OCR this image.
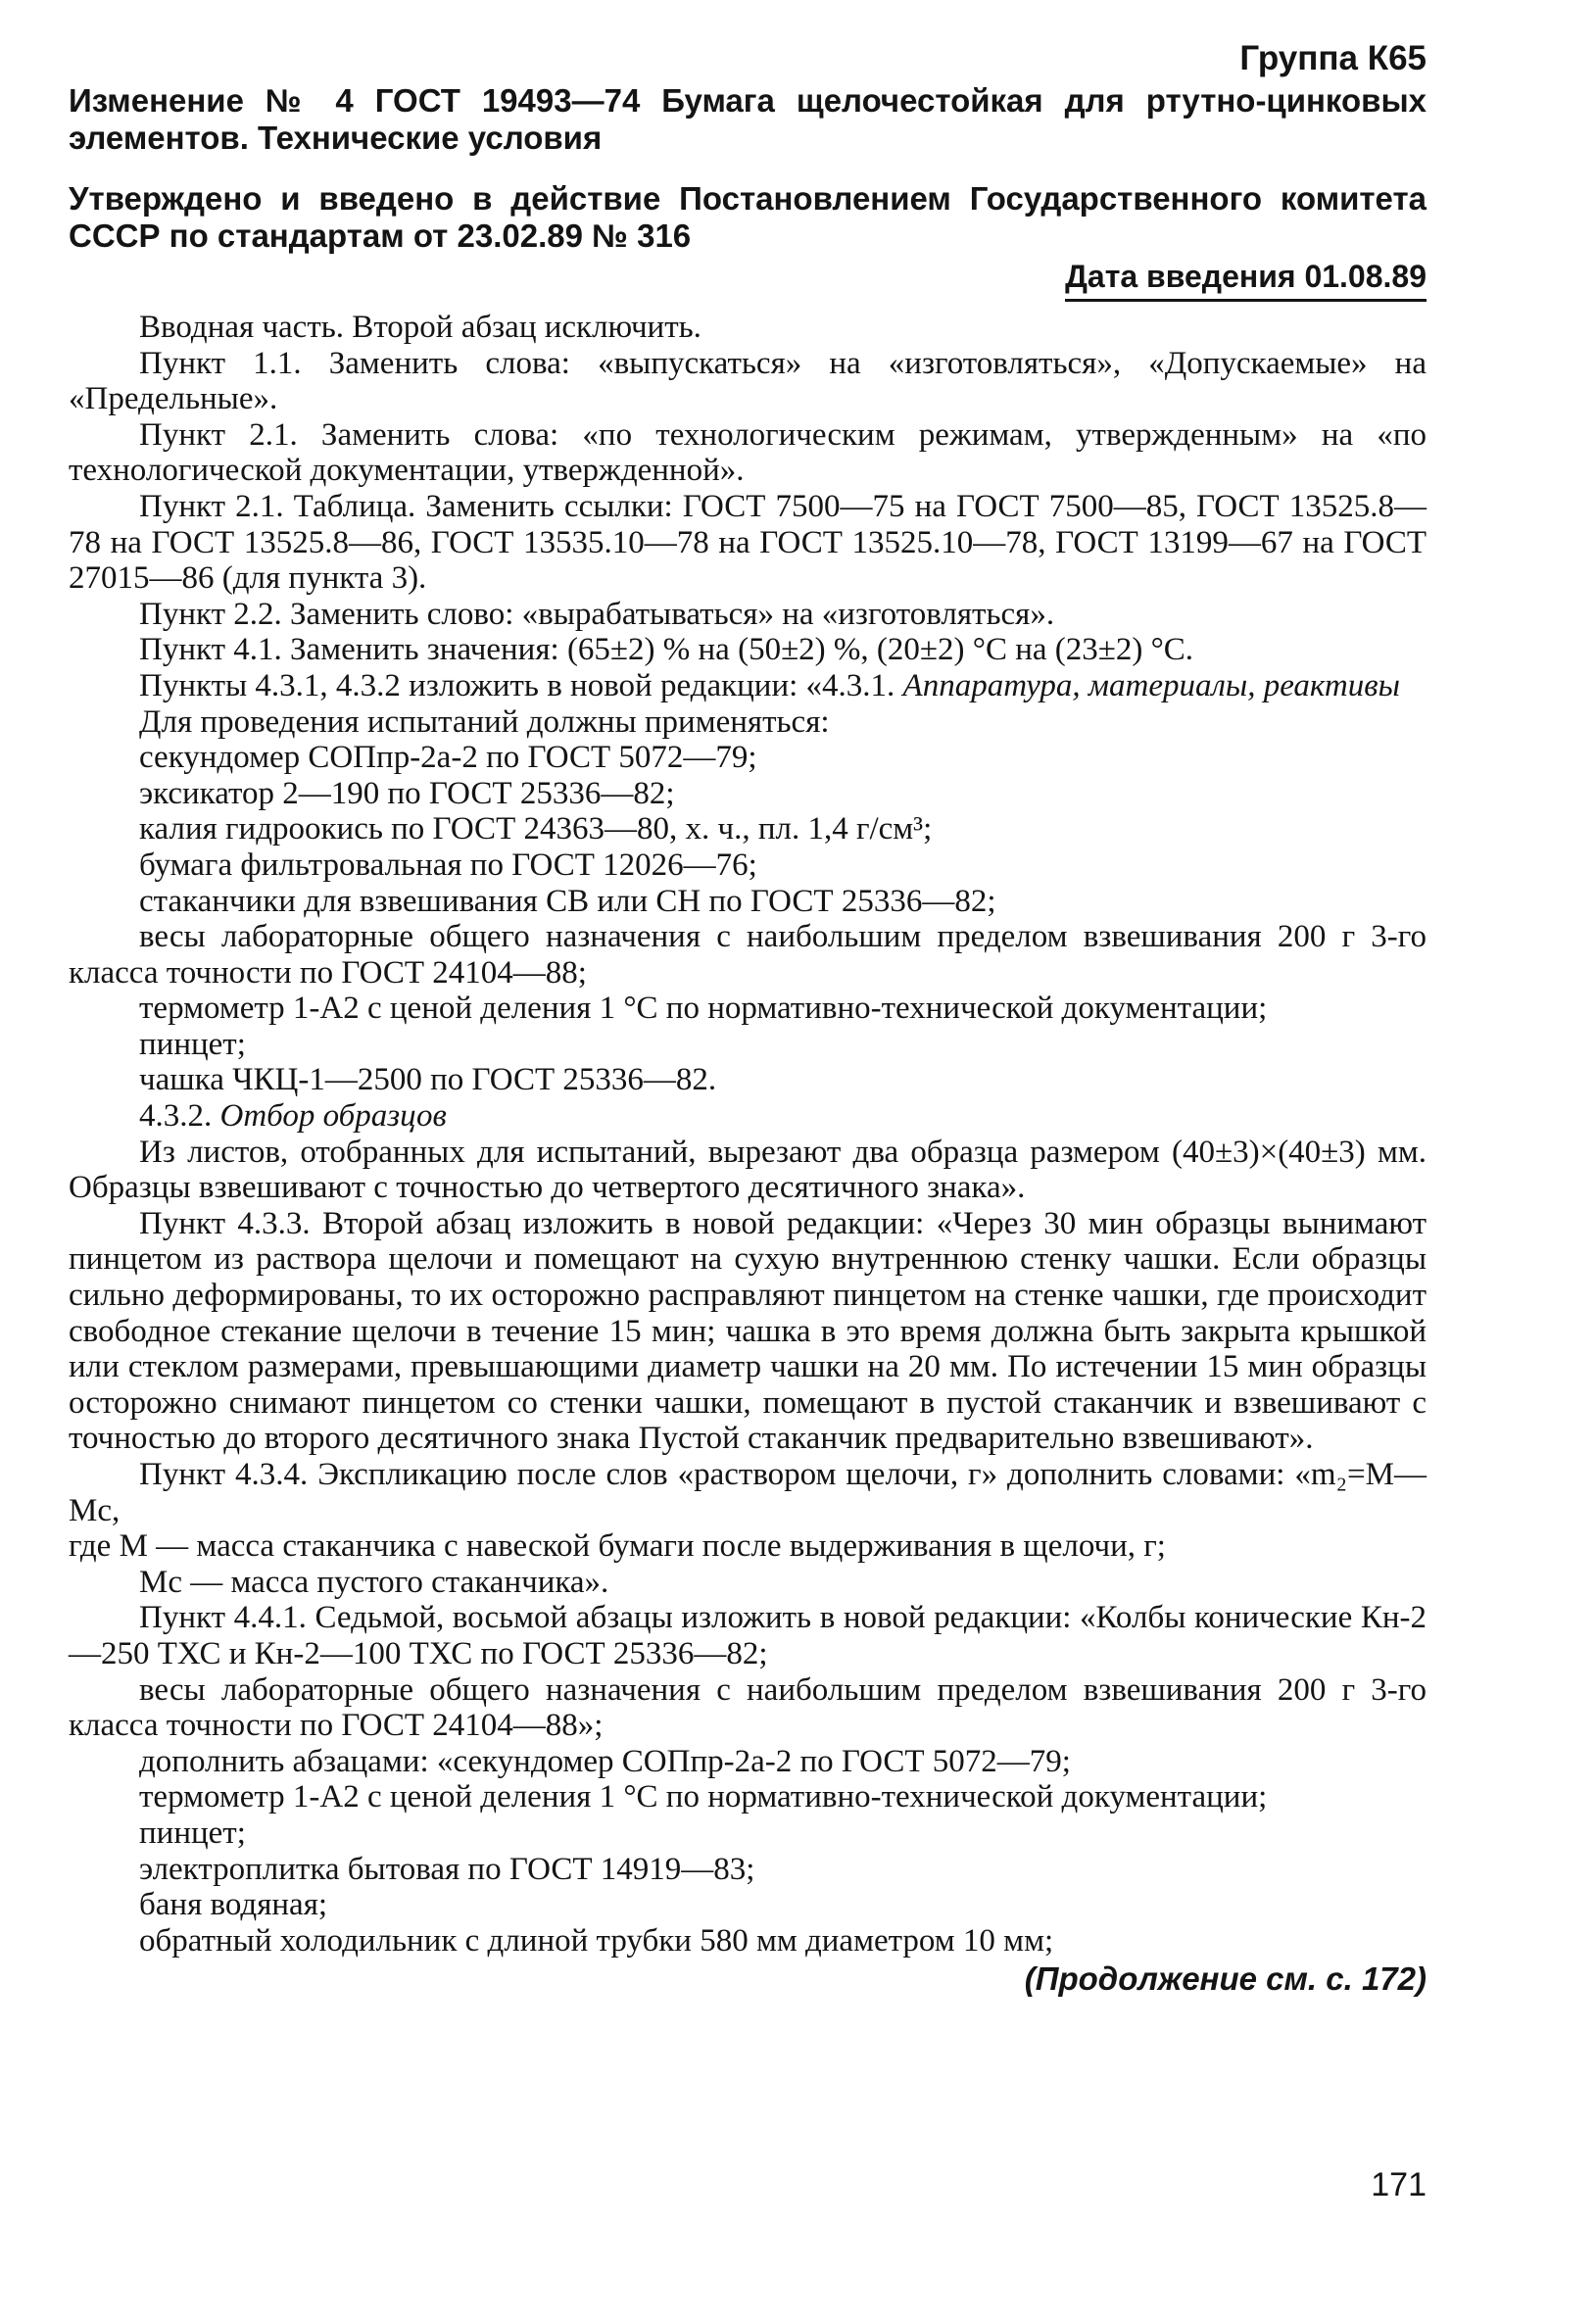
Группа К65

Изменение № 4 ГОСТ 19493—74 Бумага щелочестойкая для ртутно-цинковых элементов. Технические условия

Утверждено и введено в действие Постановлением Государственного комитета СССР по стандартам от 23.02.89 № 316

Дата введения 01.08.89

Вводная часть. Второй абзац исключить.

Пункт 1.1. Заменить слова: «выпускаться» на «изготовляться», «Допускаемые» на «Предельные».

Пункт 2.1. Заменить слова: «по технологическим режимам, утвержденным» на «по технологической документации, утвержденной».

Пункт 2.1. Таблица. Заменить ссылки: ГОСТ 7500—75 на ГОСТ 7500—85, ГОСТ 13525.8—78 на ГОСТ 13525.8—86, ГОСТ 13535.10—78 на ГОСТ 13525.10—78, ГОСТ 13199—67 на ГОСТ 27015—86 (для пункта 3).

Пункт 2.2. Заменить слово: «вырабатываться» на «изготовляться».

Пункт 4.1. Заменить значения: (65±2) % на (50±2) %, (20±2) °С на (23±2) °С.

Пункты 4.3.1, 4.3.2 изложить в новой редакции: «4.3.1. Аппаратура, материалы, реактивы

Для проведения испытаний должны применяться:

секундомер СОПпр-2а-2 по ГОСТ 5072—79;

эксикатор 2—190 по ГОСТ 25336—82;

калия гидроокись по ГОСТ 24363—80, х. ч., пл. 1,4 г/см³;

бумага фильтровальная по ГОСТ 12026—76;

стаканчики для взвешивания СВ или СН по ГОСТ 25336—82;

весы лабораторные общего назначения с наибольшим пределом взвешивания 200 г 3-го класса точности по ГОСТ 24104—88;

термометр 1-А2 с ценой деления 1 °С по нормативно-технической документации;

пинцет;

чашка ЧКЦ-1—2500 по ГОСТ 25336—82.

4.3.2. Отбор образцов

Из листов, отобранных для испытаний, вырезают два образца размером (40±3)×(40±3) мм. Образцы взвешивают с точностью до четвертого десятичного знака».

Пункт 4.3.3. Второй абзац изложить в новой редакции: «Через 30 мин образцы вынимают пинцетом из раствора щелочи и помещают на сухую внутреннюю стенку чашки. Если образцы сильно деформированы, то их осторожно расправляют пинцетом на стенке чашки, где происходит свободное стекание щелочи в течение 15 мин; чашка в это время должна быть закрыта крышкой или стеклом размерами, превышающими диаметр чашки на 20 мм. По истечении 15 мин образцы осторожно снимают пинцетом со стенки чашки, помещают в пустой стаканчик и взвешивают с точностью до второго десятичного знака Пустой стаканчик предварительно взвешивают».

Пункт 4.3.4. Экспликацию после слов «раствором щелочи, г» дополнить словами: «m₂=M—Mс,

где M — масса стаканчика с навеской бумаги после выдерживания в щелочи, г;

Mс — масса пустого стаканчика».

Пункт 4.4.1. Седьмой, восьмой абзацы изложить в новой редакции: «Колбы конические Кн-2—250 ТХС и Кн-2—100 ТХС по ГОСТ 25336—82;

весы лабораторные общего назначения с наибольшим пределом взвешивания 200 г 3-го класса точности по ГОСТ 24104—88»;

дополнить абзацами: «секундомер СОПпр-2а-2 по ГОСТ 5072—79;

термометр 1-А2 с ценой деления 1 °С по нормативно-технической документации;

пинцет;

электроплитка бытовая по ГОСТ 14919—83;

баня водяная;

обратный холодильник с длиной трубки 580 мм диаметром 10 мм;

(Продолжение см. с. 172)
171
